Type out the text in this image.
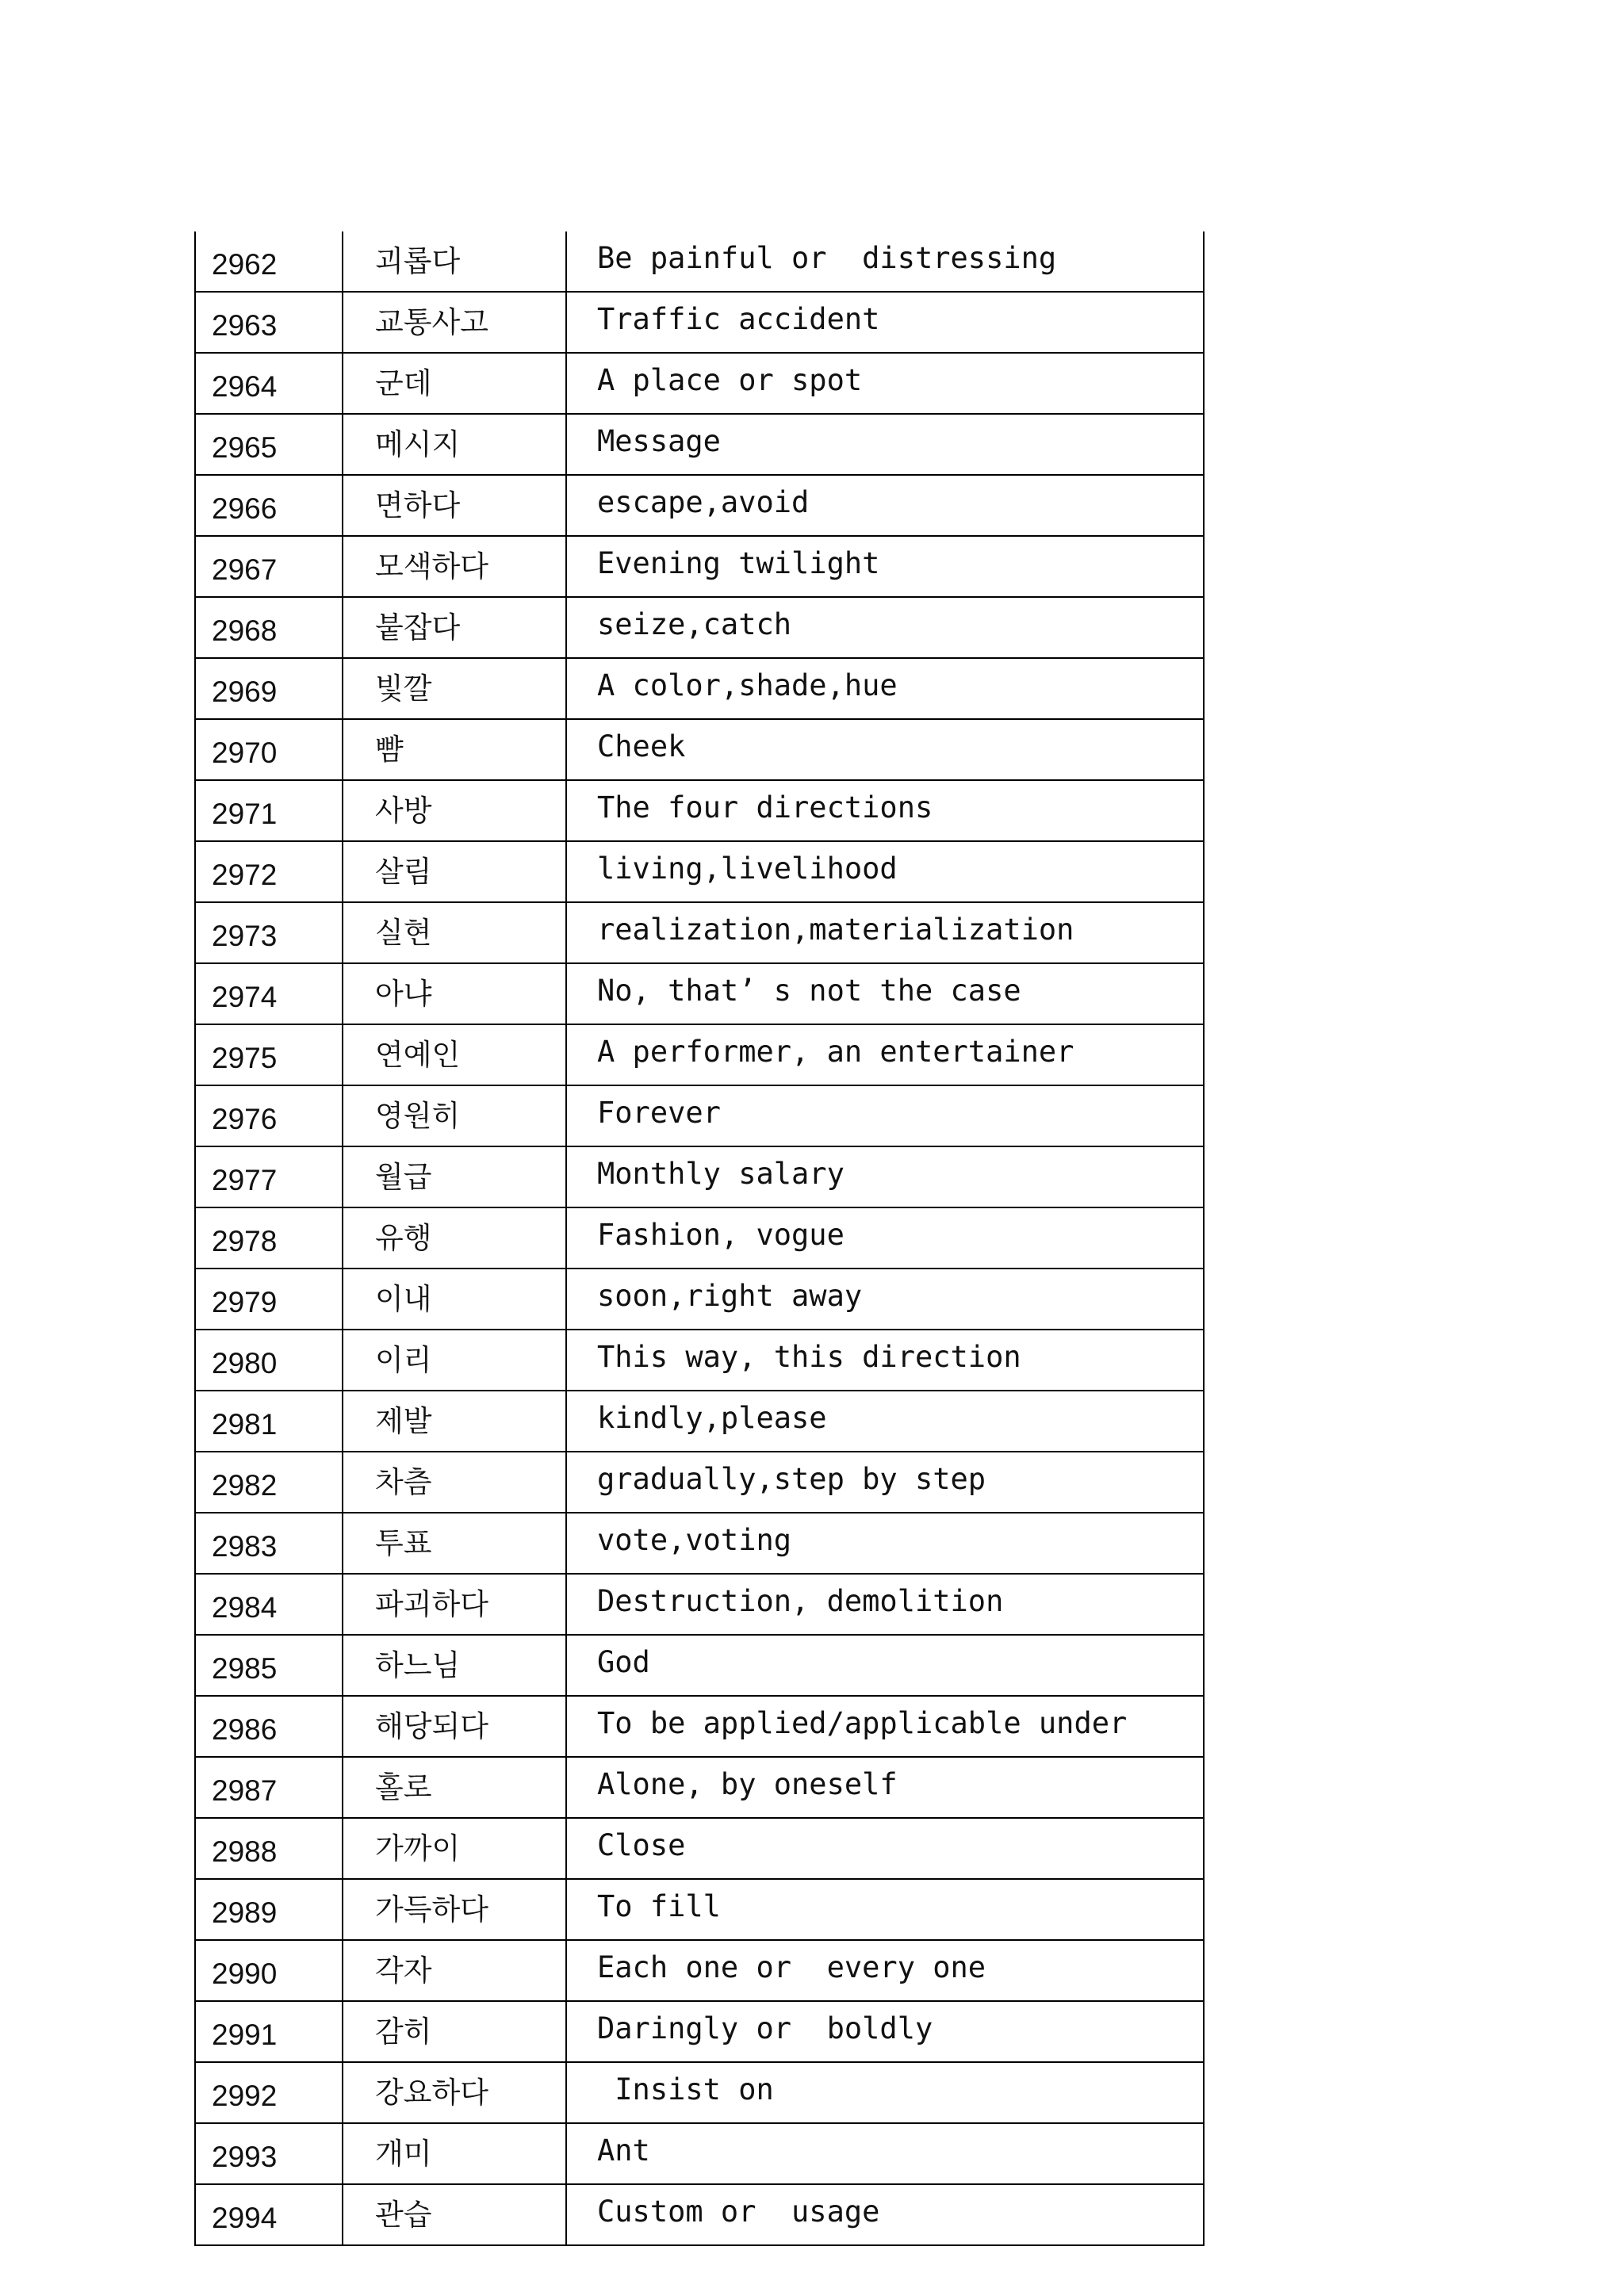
2962	괴롭다	Be painful or  distressing
2963	교통사고	Traffic accident
2964	군데	A place or spot
2965	메시지	Message
2966	면하다	escape,avoid
2967	모색하다	Evening twilight
2968	붙잡다	seize,catch
2969	빛깔	A color,shade,hue
2970	뺨	Cheek
2971	사방	The four directions
2972	살림	living,livelihood
2973	실현	realization,materialization
2974	아냐	No, that’ s not the case
2975	연예인	A performer, an entertainer
2976	영원히	Forever
2977	월급	Monthly salary
2978	유행	Fashion, vogue
2979	이내	soon,right away
2980	이리	This way, this direction
2981	제발	kindly,please
2982	차츰	gradually,step by step
2983	투표	vote,voting
2984	파괴하다	Destruction, demolition
2985	하느님	God
2986	해당되다	To be applied/applicable under
2987	홀로	Alone, by oneself
2988	가까이	Close
2989	가득하다	To fill
2990	각자	Each one or  every one
2991	감히	Daringly or  boldly
2992	강요하다	Insist on
2993	개미	Ant
2994	관습	Custom or  usage
